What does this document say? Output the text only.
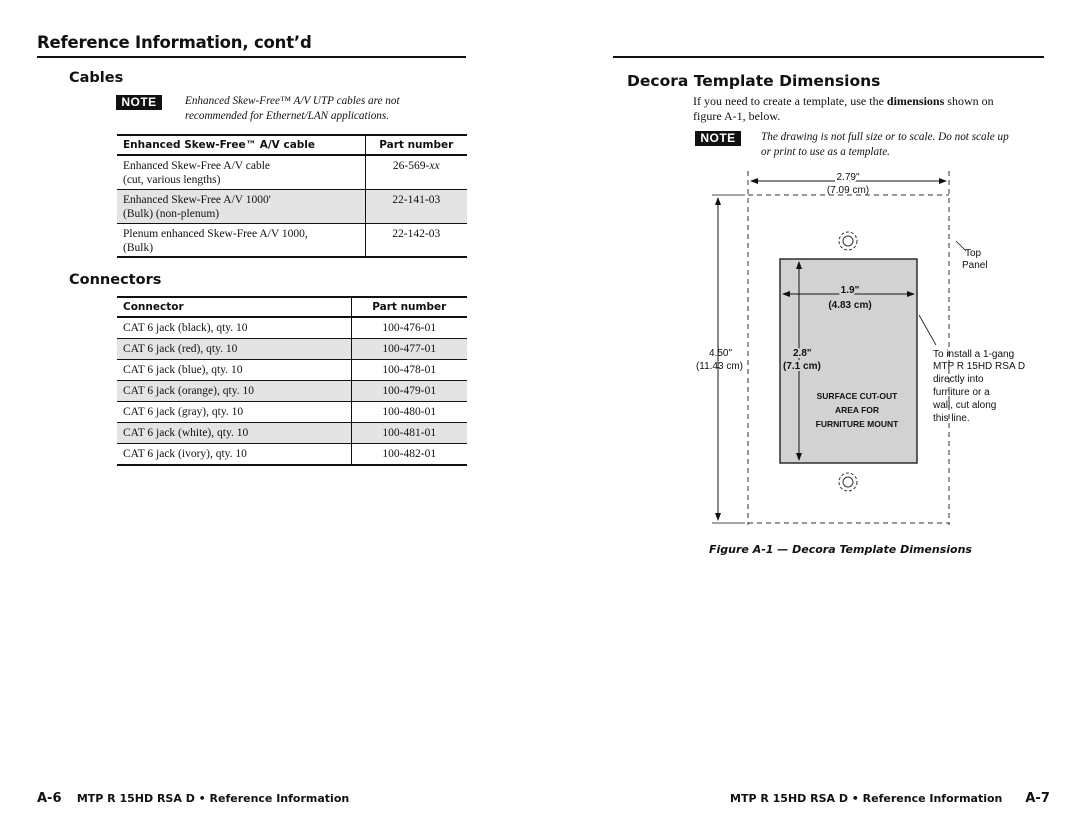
Reference Information, cont’d
Cables
NOTE	Enhanced Skew-Free™ A/V UTP cables are not
recommended for Ethernet/LAN applications.
Enhanced Skew-Free™ A/V cable	Part number

Enhanced Skew-Free A/V cable
(cut, various lengths)	26-569-xx

Enhanced Skew-Free A/V 1000'
(Bulk) (non-plenum)	22-141-03

Plenum enhanced Skew-Free A/V 1000,
(Bulk)	22-142-03
Connectors
Connector	Part number
CAT 6 jack (black), qty. 10	100-476-01
CAT 6 jack (red), qty. 10	100-477-01
CAT 6 jack (blue), qty. 10	100-478-01
CAT 6 jack (orange), qty. 10	100-479-01
CAT 6 jack (gray), qty. 10	100-480-01
CAT 6 jack (white), qty. 10	100-481-01
CAT 6 jack (ivory), qty. 10	100-482-01
A-6 MTP R 15HD RSA D • Reference Information
Decora Template Dimensions
If you need to create a template, use the dimensions shown on
figure A-1, below.
NOTE	The drawing is not full size or to scale. Do not scale up
or print to use as a template.
2.79"
(7.09 cm)
4.50"
(11.43 cm)
1.9"
(4.83 cm)
2.8"
(7.1 cm)
SURFACE CUT-OUT
AREA FOR
FURNITURE MOUNT
Top
Panel
To install a 1-gang
MTP R 15HD RSA D
directly into
furniture or a
wall, cut along
this line.
Figure A-1 — Decora Template Dimensions
MTP R 15HD RSA D • Reference Information A-7
